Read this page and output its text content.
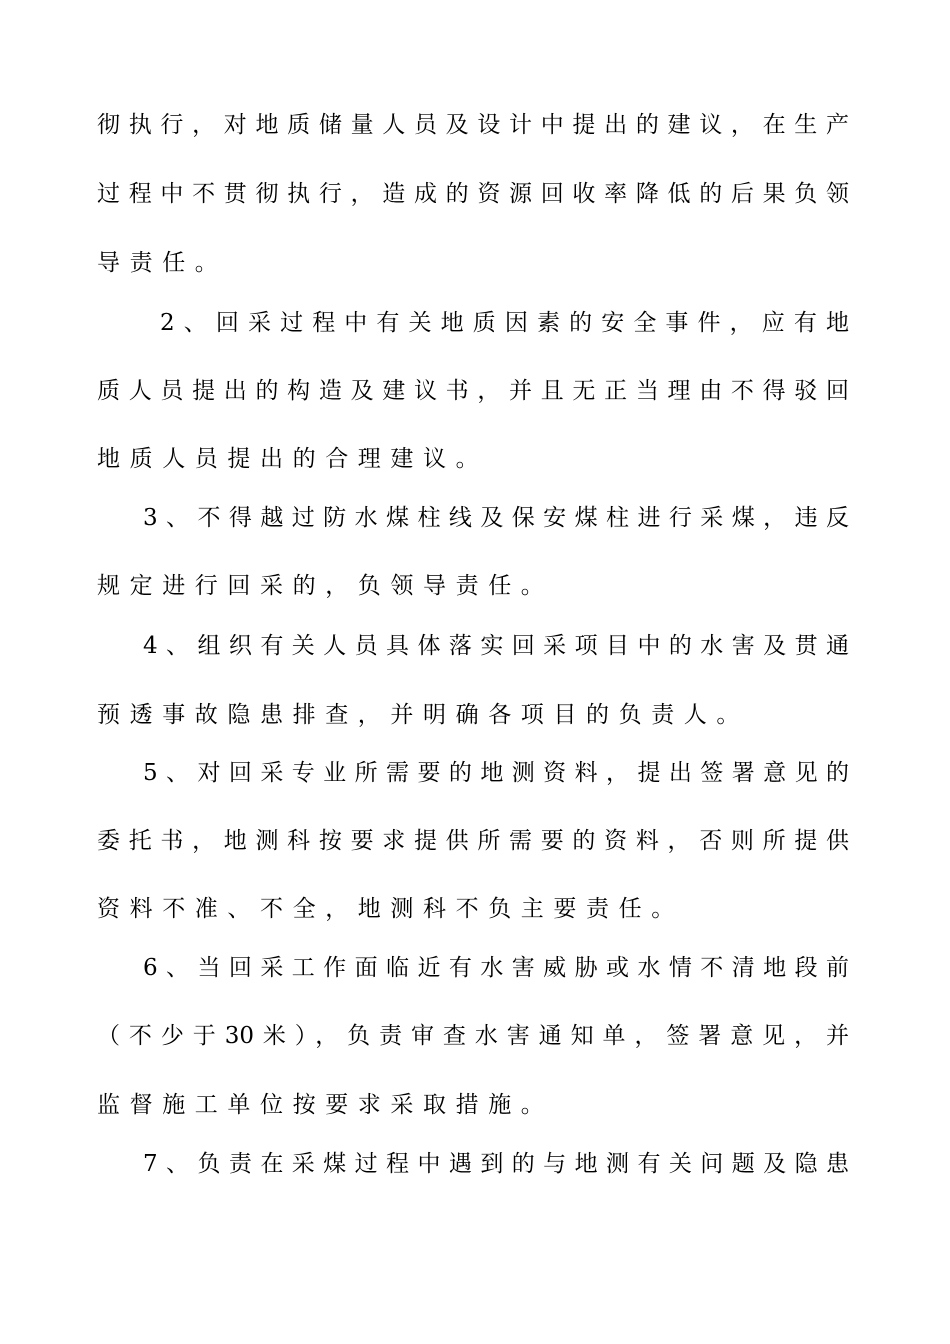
彻执行，对地质储量人员及设计中提出的建议，在生产
过程中不贯彻执行，造成的资源回收率降低的后果负领
导责任。
2、回采过程中有关地质因素的安全事件，应有地
质人员提出的构造及建议书，并且无正当理由不得驳回
地质人员提出的合理建议。
3、不得越过防水煤柱线及保安煤柱进行采煤，违反
规定进行回采的，负领导责任。
4、组织有关人员具体落实回采项目中的水害及贯通
预透事故隐患排查，并明确各项目的负责人。
5、对回采专业所需要的地测资料，提出签署意见的
委托书，地测科按要求提供所需要的资料，否则所提供
资料不准、不全，地测科不负主要责任。
6、当回采工作面临近有水害威胁或水情不清地段前
（不少于30米），负责审查水害通知单，签署意见，并
监督施工单位按要求采取措施。
7、负责在采煤过程中遇到的与地测有关问题及隐患
